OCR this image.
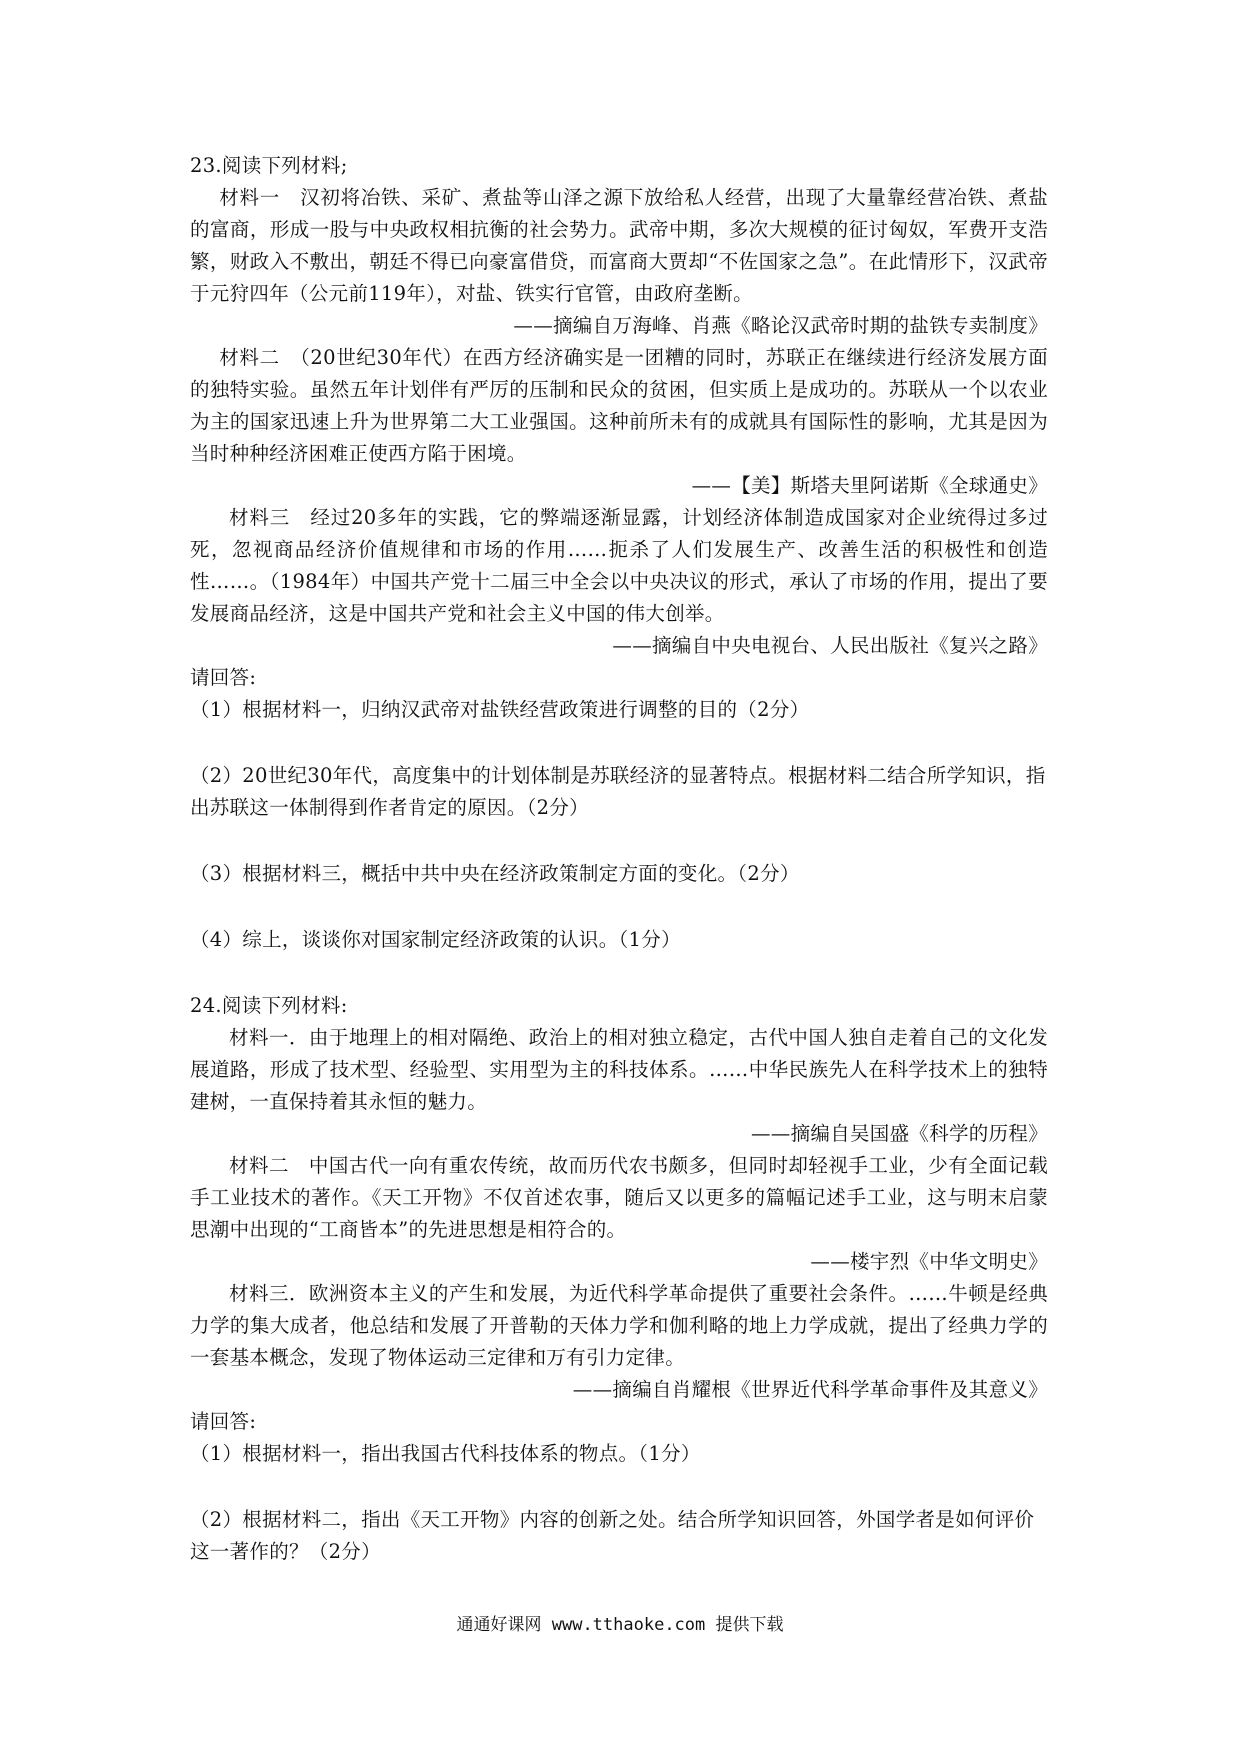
23.阅读下列材料;
材料一　汉初将冶铁、采矿、煮盐等山泽之源下放给私人经营，出现了大量靠经营冶铁、煮盐的富商，形成一股与中央政权相抗衡的社会势力。武帝中期，多次大规模的征讨匈奴，军费开支浩繁，财政入不敷出，朝廷不得已向豪富借贷，而富商大贾却“不佐国家之急”。在此情形下，汉武帝于元狩四年（公元前119年），对盐、铁实行官管，由政府垄断。
——摘编自万海峰、肖燕《略论汉武帝时期的盐铁专卖制度》
材料二　（20世纪30年代）在西方经济确实是一团糟的同时，苏联正在继续进行经济发展方面的独特实验。虽然五年计划伴有严厉的压制和民众的贫困，但实质上是成功的。苏联从一个以农业为主的国家迅速上升为世界第二大工业强国。这种前所未有的成就具有国际性的影响，尤其是因为当时种种经济困难正使西方陷于困境。
——【美】斯塔夫里阿诺斯《全球通史》
材料三　经过20多年的实践，它的弊端逐渐显露，计划经济体制造成国家对企业统得过多过死，忽视商品经济价值规律和市场的作用……扼杀了人们发展生产、改善生活的积极性和创造性……。（1984年）中国共产党十二届三中全会以中央决议的形式，承认了市场的作用，提出了要发展商品经济，这是中国共产党和社会主义中国的伟大创举。
——摘编自中央电视台、人民出版社《复兴之路》
请回答:
（1）根据材料一，归纳汉武帝对盐铁经营政策进行调整的目的（2分）
（2）20世纪30年代，高度集中的计划体制是苏联经济的显著特点。根据材料二结合所学知识，指出苏联这一体制得到作者肯定的原因。（2分）
（3）根据材料三，概括中共中央在经济政策制定方面的变化。（2分）
（4）综上，谈谈你对国家制定经济政策的认识。（1分）
24.阅读下列材料:
材料一．由于地理上的相对隔绝、政治上的相对独立稳定，古代中国人独自走着自己的文化发展道路，形成了技术型、经验型、实用型为主的科技体系。……中华民族先人在科学技术上的独特建树，一直保持着其永恒的魅力。
——摘编自吴国盛《科学的历程》
材料二　中国古代一向有重农传统，故而历代农书颇多，但同时却轻视手工业，少有全面记载手工业技术的著作。《天工开物》不仅首述农事，随后又以更多的篇幅记述手工业，这与明末启蒙思潮中出现的“工商皆本”的先进思想是相符合的。
——楼宇烈《中华文明史》
材料三．欧洲资本主义的产生和发展，为近代科学革命提供了重要社会条件。……牛顿是经典力学的集大成者，他总结和发展了开普勒的天体力学和伽利略的地上力学成就，提出了经典力学的一套基本概念，发现了物体运动三定律和万有引力定律。
——摘编自肖耀根《世界近代科学革命事件及其意义》
请回答:
（1）根据材料一，指出我国古代科技体系的物点。（1分）
（2）根据材料二，指出《天工开物》内容的创新之处。结合所学知识回答，外国学者是如何评价这一著作的？（2分）
通通好课网 www.tthaoke.com 提供下载
